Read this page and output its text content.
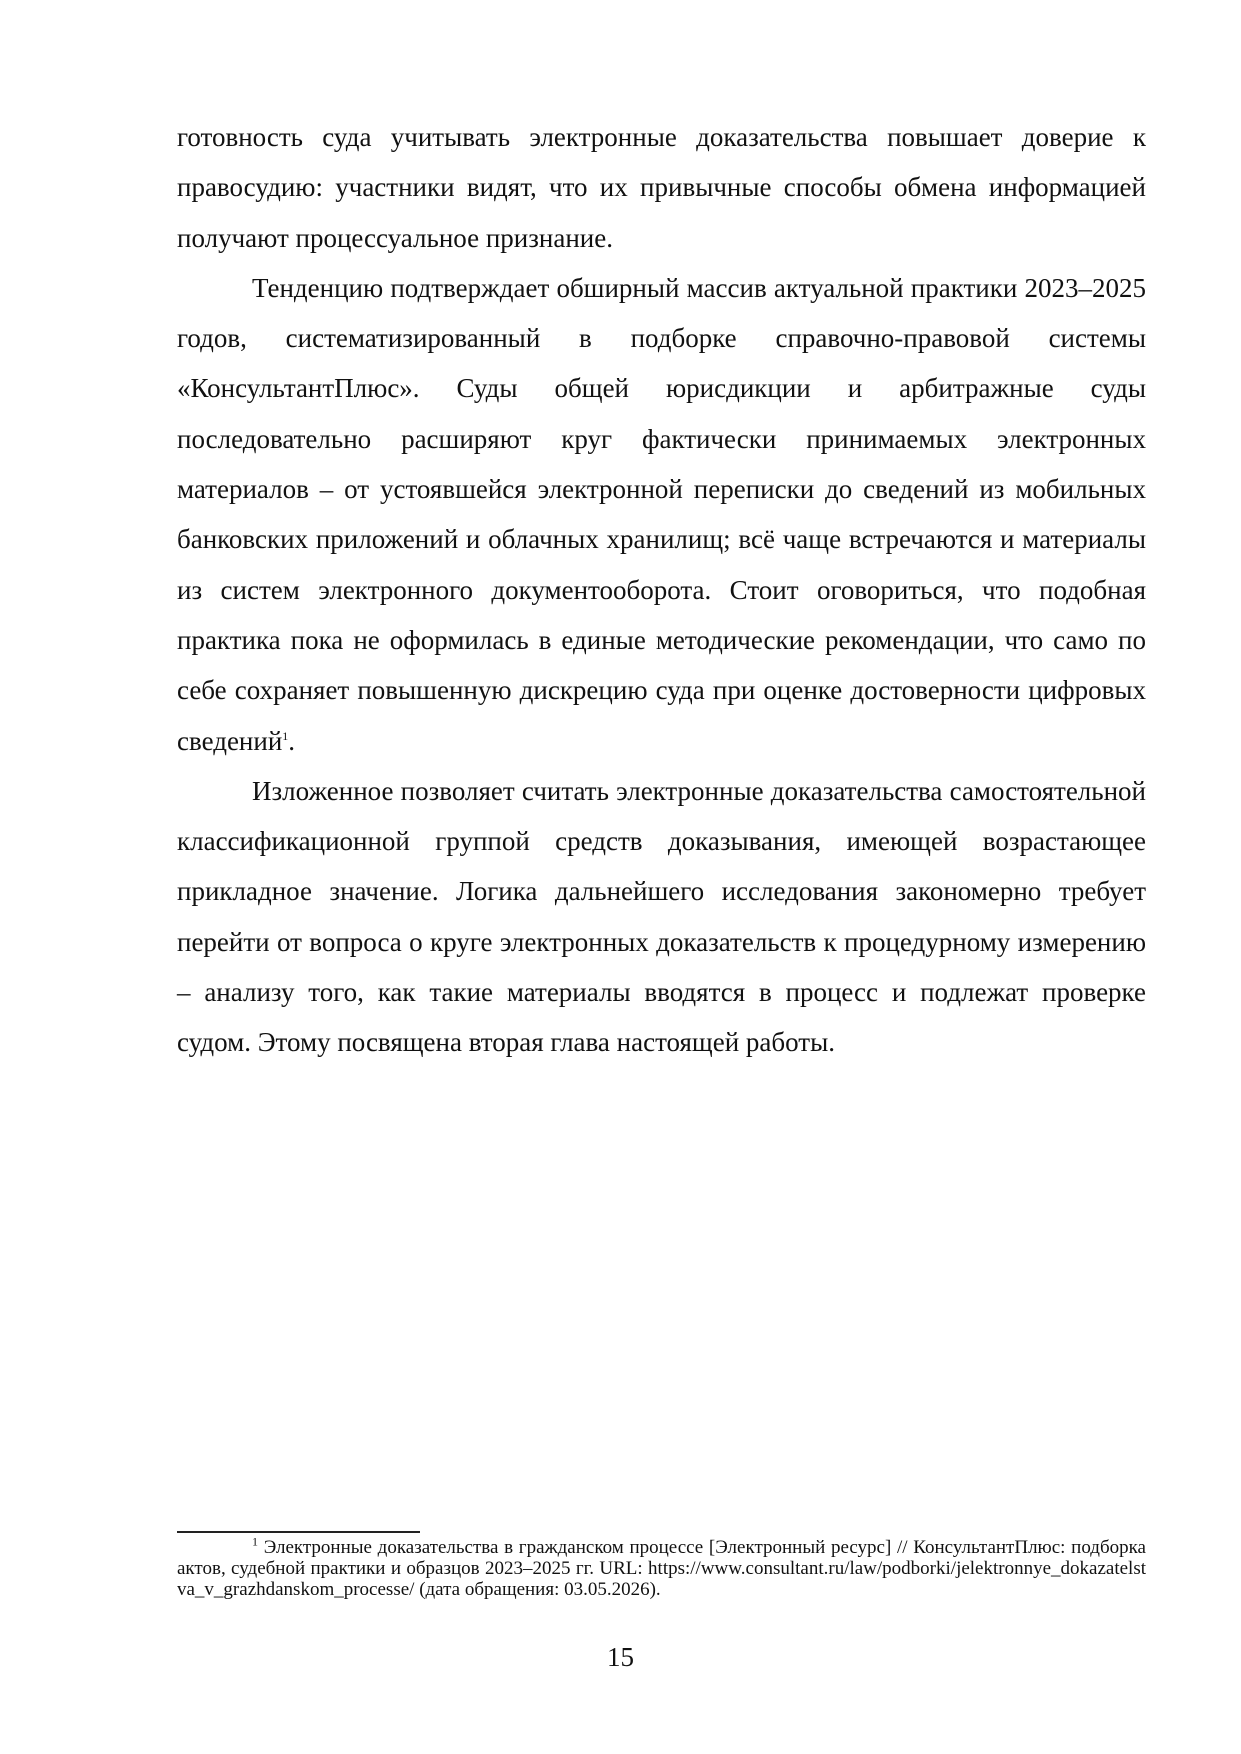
готовность суда учитывать электронные доказательства повышает доверие к правосудию: участники видят, что их привычные способы обмена информацией получают процессуальное признание.

Тенденцию подтверждает обширный массив актуальной практики 2023–2025 годов, систематизированный в подборке справочно-правовой системы «КонсультантПлюс». Суды общей юрисдикции и арбитражные суды последовательно расширяют круг фактически принимаемых электронных материалов – от устоявшейся электронной переписки до сведений из мобильных банковских приложений и облачных хранилищ; всё чаще встречаются и материалы из систем электронного документооборота. Стоит оговориться, что подобная практика пока не оформилась в единые методические рекомендации, что само по себе сохраняет повышенную дискрецию суда при оценке достоверности цифровых сведений$^1$.

Изложенное позволяет считать электронные доказательства самостоятельной классификационной группой средств доказывания, имеющей возрастающее прикладное значение. Логика дальнейшего исследования закономерно требует перейти от вопроса о круге электронных доказательств к процедурному измерению – анализу того, как такие материалы вводятся в процесс и подлежат проверке судом. Этому посвящена вторая глава настоящей работы.

$^1$ Электронные доказательства в гражданском процессе [Электронный ресурс] // КонсультантПлюс: подборка актов, судебной практики и образцов 2023–2025 гг. URL: https://www.consultant.ru/law/podborki/jelektronnye_dokazatelstva_v_grazhdanskom_processe/ (дата обращения: 03.05.2026).

15
